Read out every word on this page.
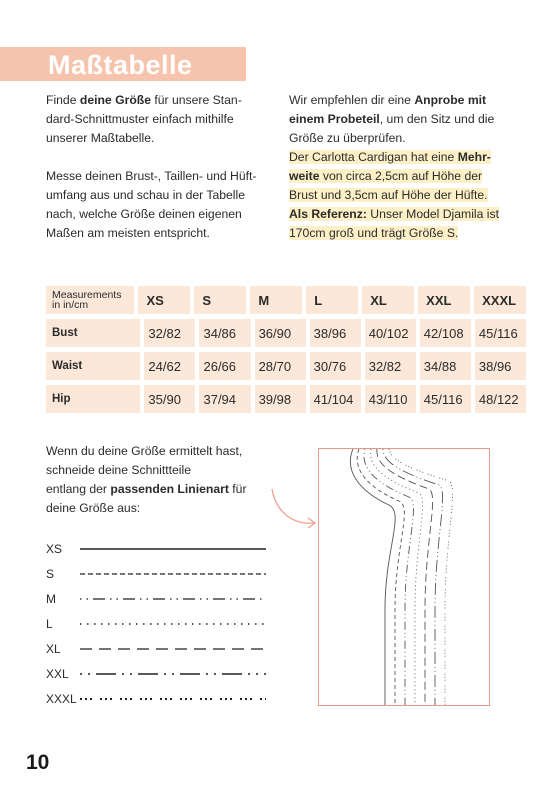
Maßtabelle

Finde deine Größe für unsere Stan-
dard-Schnittmuster einfach mithilfe
unserer Maßtabelle.

Messe deinen Brust-, Taillen- und Hüft-
umfang aus und schau in der Tabelle
nach, welche Größe deinen eigenen
Maßen am meisten entspricht.

Wir empfehlen dir eine Anprobe mit
einem Probeteil, um den Sitz und die
Größe zu überprüfen.
Der Carlotta Cardigan hat eine Mehr-
weite von circa 2,5cm auf Höhe der
Brust und 3,5cm auf Höhe der Hüfte.
Als Referenz: Unser Model Djamila ist
170cm groß und trägt Größe S.
Measurements
in in/cm	XS	S	M	L	XL	XXL	XXXL
Bust	32/82	34/86	36/90	38/96	40/102	42/108	45/116
Waist	24/62	26/66	28/70	30/76	32/82	34/88	38/96
Hip	35/90	37/94	39/98	41/104	43/110	45/116	48/122
Wenn du deine Größe ermittelt hast,
schneide deine Schnittteile
entlang der passenden Linienart für
deine Größe aus:
XS
S
M
L
XL
XXL
XXXL
10
